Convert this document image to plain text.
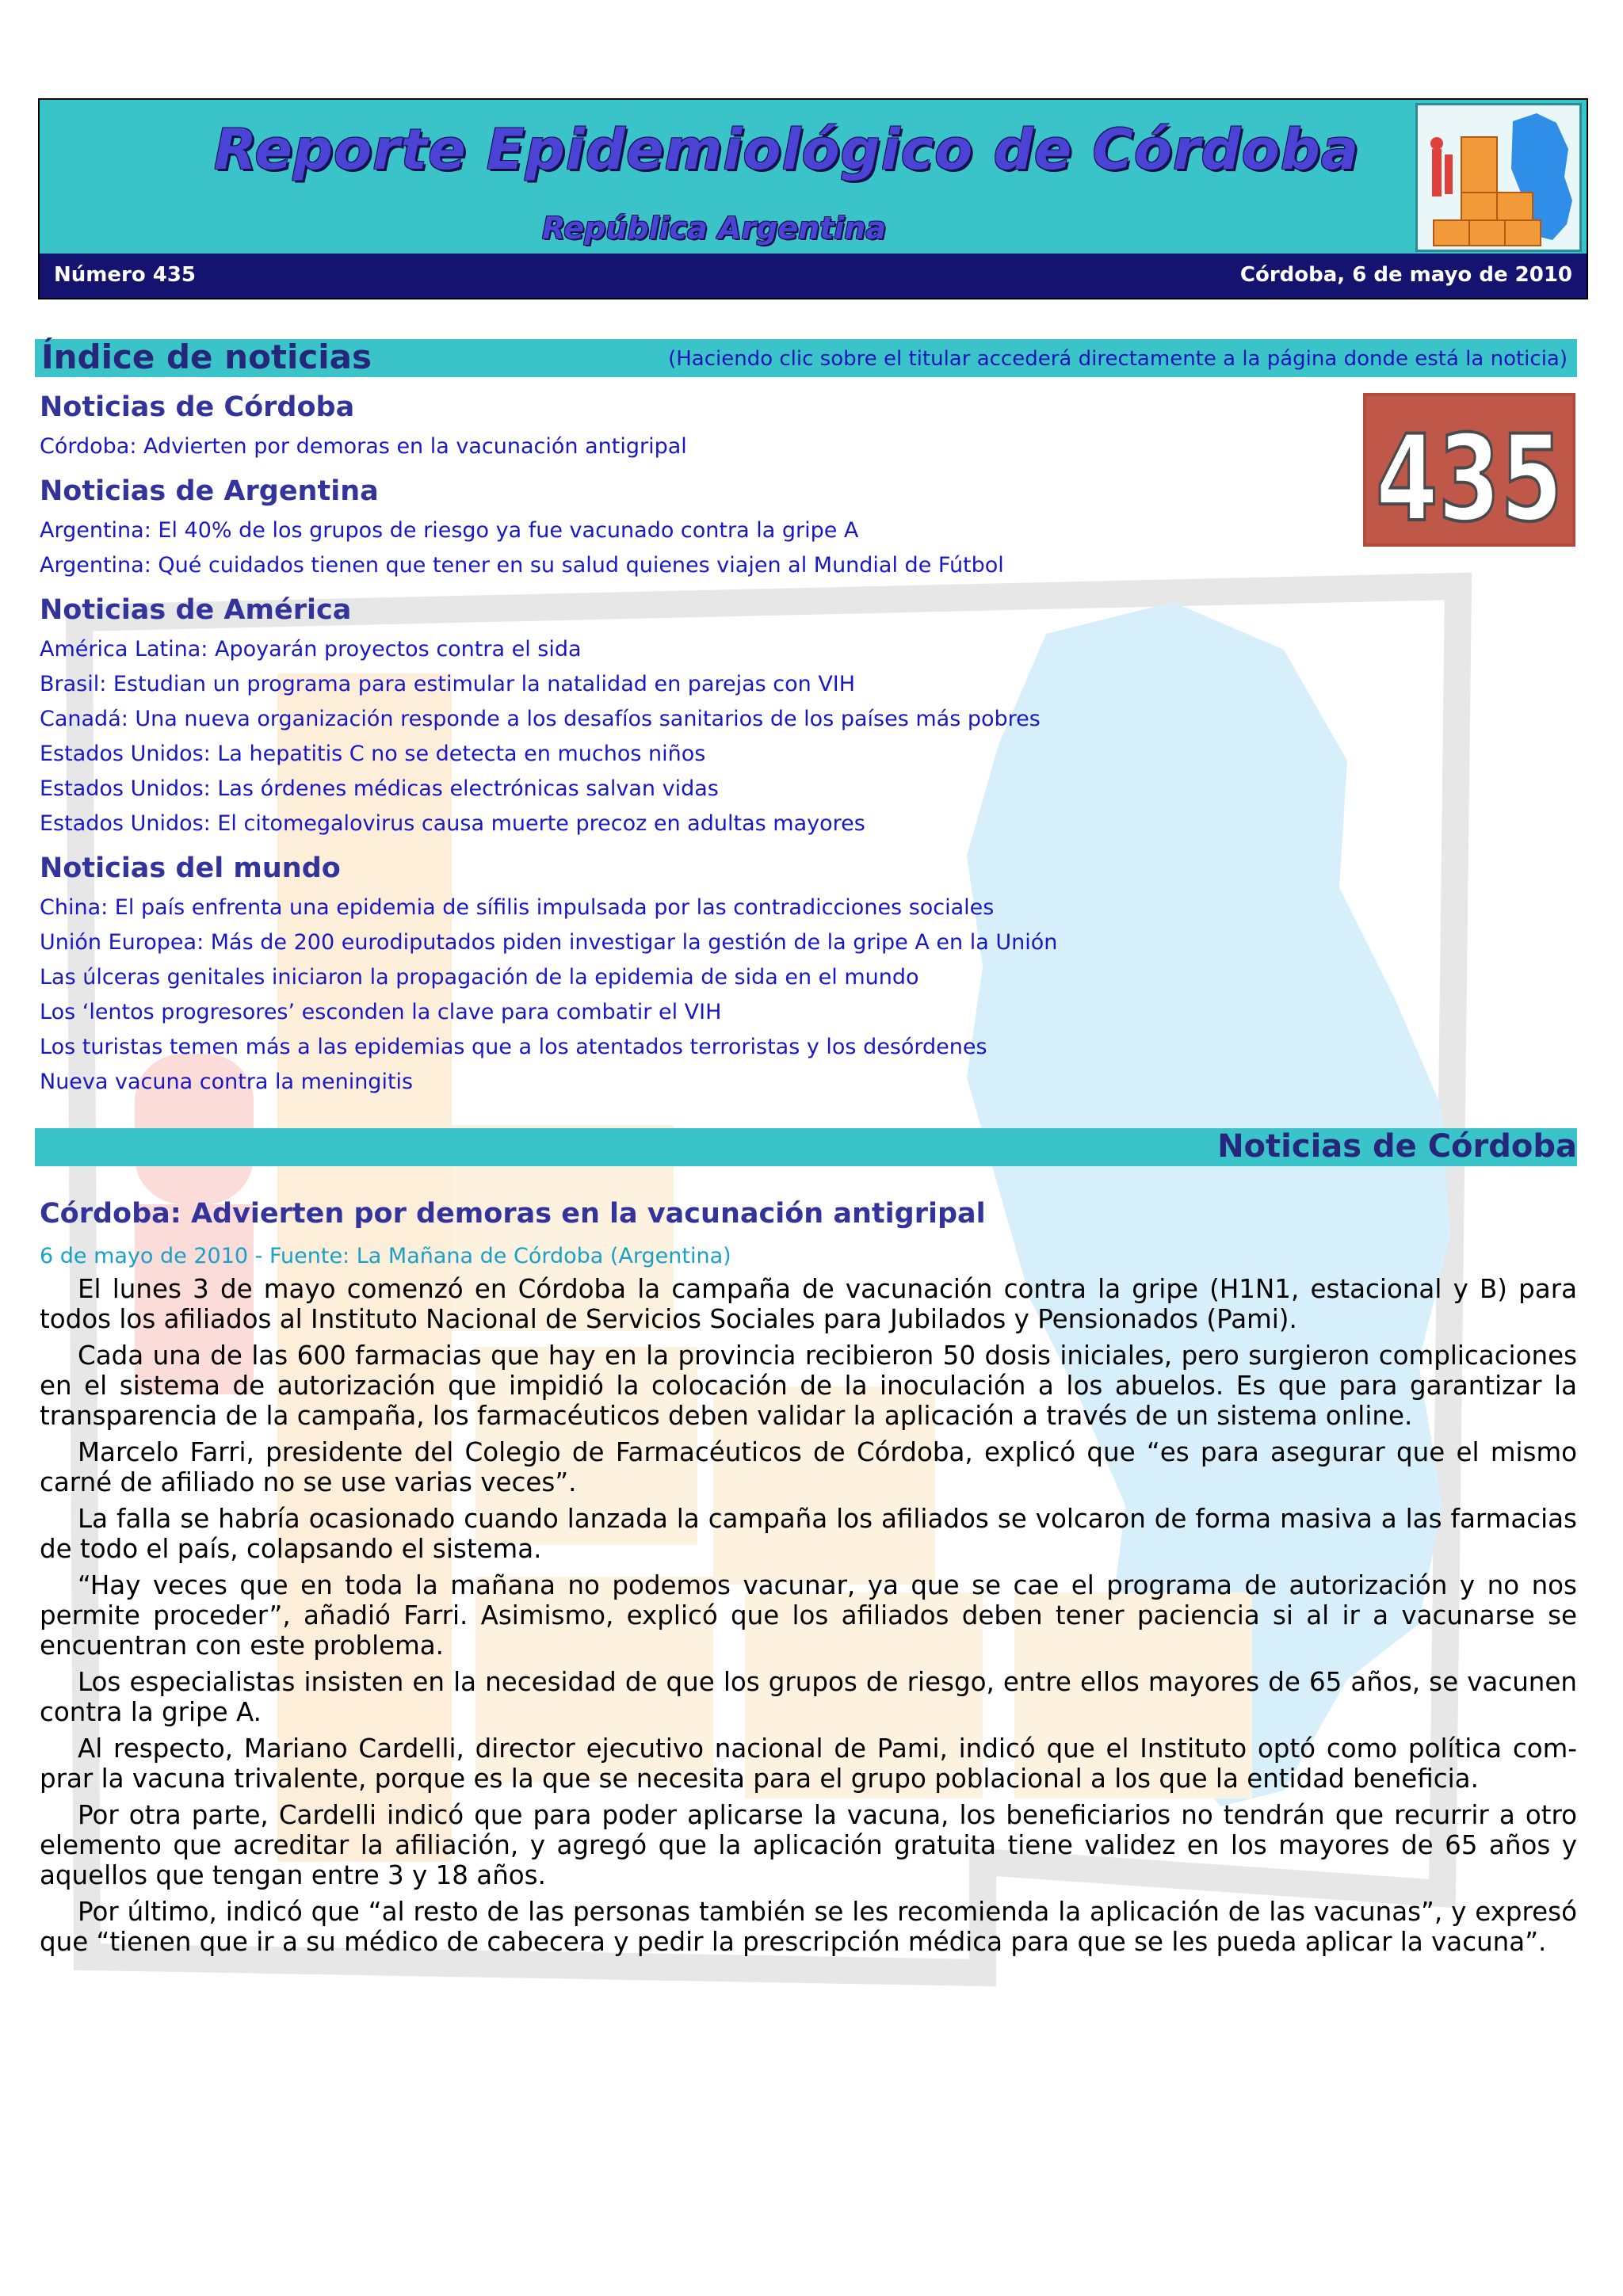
Reporte Epidemiológico de Córdoba
República Argentina
Número 435	Córdoba, 6 de mayo de 2010
Índice de noticias	(Haciendo clic sobre el titular accederá directamente a la página donde está la noticia)
435
Noticias de Córdoba
Córdoba: Advierten por demoras en la vacunación antigripal
Noticias de Argentina
Argentina: El 40% de los grupos de riesgo ya fue vacunado contra la gripe A
Argentina: Qué cuidados tienen que tener en su salud quienes viajen al Mundial de Fútbol
Noticias de América
América Latina: Apoyarán proyectos contra el sida
Brasil: Estudian un programa para estimular la natalidad en parejas con VIH
Canadá: Una nueva organización responde a los desafíos sanitarios de los países más pobres
Estados Unidos: La hepatitis C no se detecta en muchos niños
Estados Unidos: Las órdenes médicas electrónicas salvan vidas
Estados Unidos: El citomegalovirus causa muerte precoz en adultas mayores
Noticias del mundo
China: El país enfrenta una epidemia de sífilis impulsada por las contradicciones sociales
Unión Europea: Más de 200 eurodiputados piden investigar la gestión de la gripe A en la Unión
Las úlceras genitales iniciaron la propagación de la epidemia de sida en el mundo
Los ‘lentos progresores’ esconden la clave para combatir el VIH
Los turistas temen más a las epidemias que a los atentados terroristas y los desórdenes
Nueva vacuna contra la meningitis
Noticias de Córdoba
Córdoba: Advierten por demoras en la vacunación antigripal
6 de mayo de 2010 - Fuente: La Mañana de Córdoba (Argentina)

El lunes 3 de mayo comenzó en Córdoba la campaña de vacunación contra la gripe (H1N1, estacional y B) para todos los afiliados al Instituto Nacional de Servicios Sociales para Jubilados y Pensionados (Pami).

Cada una de las 600 farmacias que hay en la provincia recibieron 50 dosis iniciales, pero surgieron complicaciones en el sistema de autorización que impidió la colocación de la inoculación a los abuelos. Es que para garantizar la transparencia de la campaña, los farmacéuticos deben validar la aplicación a través de un sistema online.

Marcelo Farri, presidente del Colegio de Farmacéuticos de Córdoba, explicó que “es para asegurar que el mismo carné de afiliado no se use varias veces”.

La falla se habría ocasionado cuando lanzada la campaña los afiliados se volcaron de forma masiva a las farmacias de todo el país, colapsando el sistema.

“Hay veces que en toda la mañana no podemos vacunar, ya que se cae el programa de autorización y no nos permite proceder”, añadió Farri. Asimismo, explicó que los afiliados deben tener paciencia si al ir a vacunarse se encuentran con este problema.

Los especialistas insisten en la necesidad de que los grupos de riesgo, entre ellos mayores de 65 años, se vacunen contra la gripe A.

Al respecto, Mariano Cardelli, director ejecutivo nacional de Pami, indicó que el Instituto optó como política comprar la vacuna trivalente, porque es la que se necesita para el grupo poblacional a los que la entidad beneficia.

Por otra parte, Cardelli indicó que para poder aplicarse la vacuna, los beneficiarios no tendrán que recurrir a otro elemento que acreditar la afiliación, y agregó que la aplicación gratuita tiene validez en los mayores de 65 años y aquellos que tengan entre 3 y 18 años.

Por último, indicó que “al resto de las personas también se les recomienda la aplicación de las vacunas”, y expresó que “tienen que ir a su médico de cabecera y pedir la prescripción médica para que se les pueda aplicar la vacuna”.
